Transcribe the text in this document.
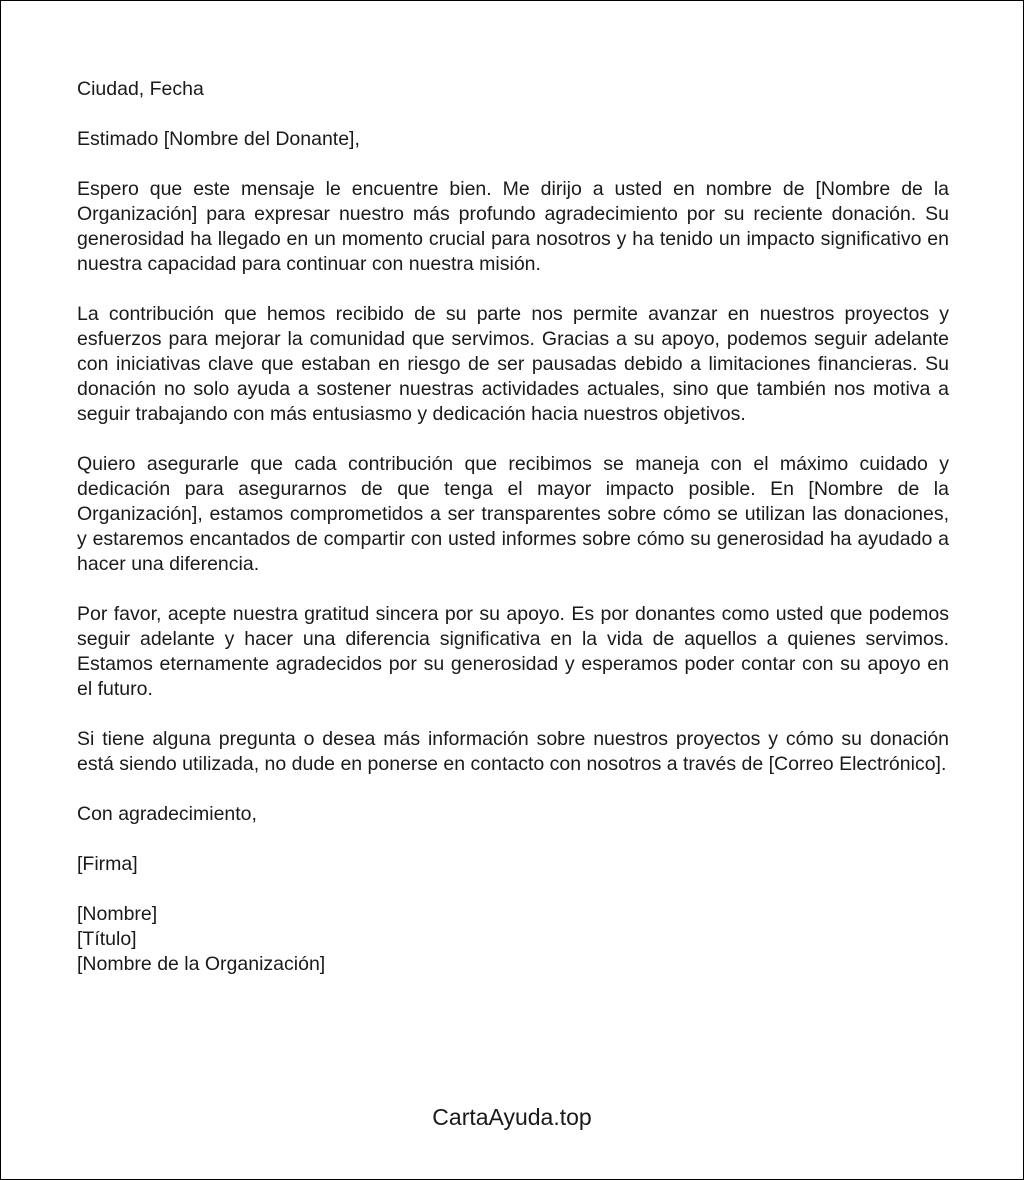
Ciudad, Fecha

Estimado [Nombre del Donante],

Espero que este mensaje le encuentre bien. Me dirijo a usted en nombre de [Nombre de la Organización] para expresar nuestro más profundo agradecimiento por su reciente donación. Su generosidad ha llegado en un momento crucial para nosotros y ha tenido un impacto significativo en nuestra capacidad para continuar con nuestra misión.

La contribución que hemos recibido de su parte nos permite avanzar en nuestros proyectos y esfuerzos para mejorar la comunidad que servimos. Gracias a su apoyo, podemos seguir adelante con iniciativas clave que estaban en riesgo de ser pausadas debido a limitaciones financieras. Su donación no solo ayuda a sostener nuestras actividades actuales, sino que también nos motiva a seguir trabajando con más entusiasmo y dedicación hacia nuestros objetivos.

Quiero asegurarle que cada contribución que recibimos se maneja con el máximo cuidado y dedicación para asegurarnos de que tenga el mayor impacto posible. En [Nombre de la Organización], estamos comprometidos a ser transparentes sobre cómo se utilizan las donaciones, y estaremos encantados de compartir con usted informes sobre cómo su generosidad ha ayudado a hacer una diferencia.

Por favor, acepte nuestra gratitud sincera por su apoyo. Es por donantes como usted que podemos seguir adelante y hacer una diferencia significativa en la vida de aquellos a quienes servimos. Estamos eternamente agradecidos por su generosidad y esperamos poder contar con su apoyo en el futuro.

Si tiene alguna pregunta o desea más información sobre nuestros proyectos y cómo su donación está siendo utilizada, no dude en ponerse en contacto con nosotros a través de [Correo Electrónico].

Con agradecimiento,

[Firma]

[Nombre]

[Título]

[Nombre de la Organización]

CartaAyuda.top
